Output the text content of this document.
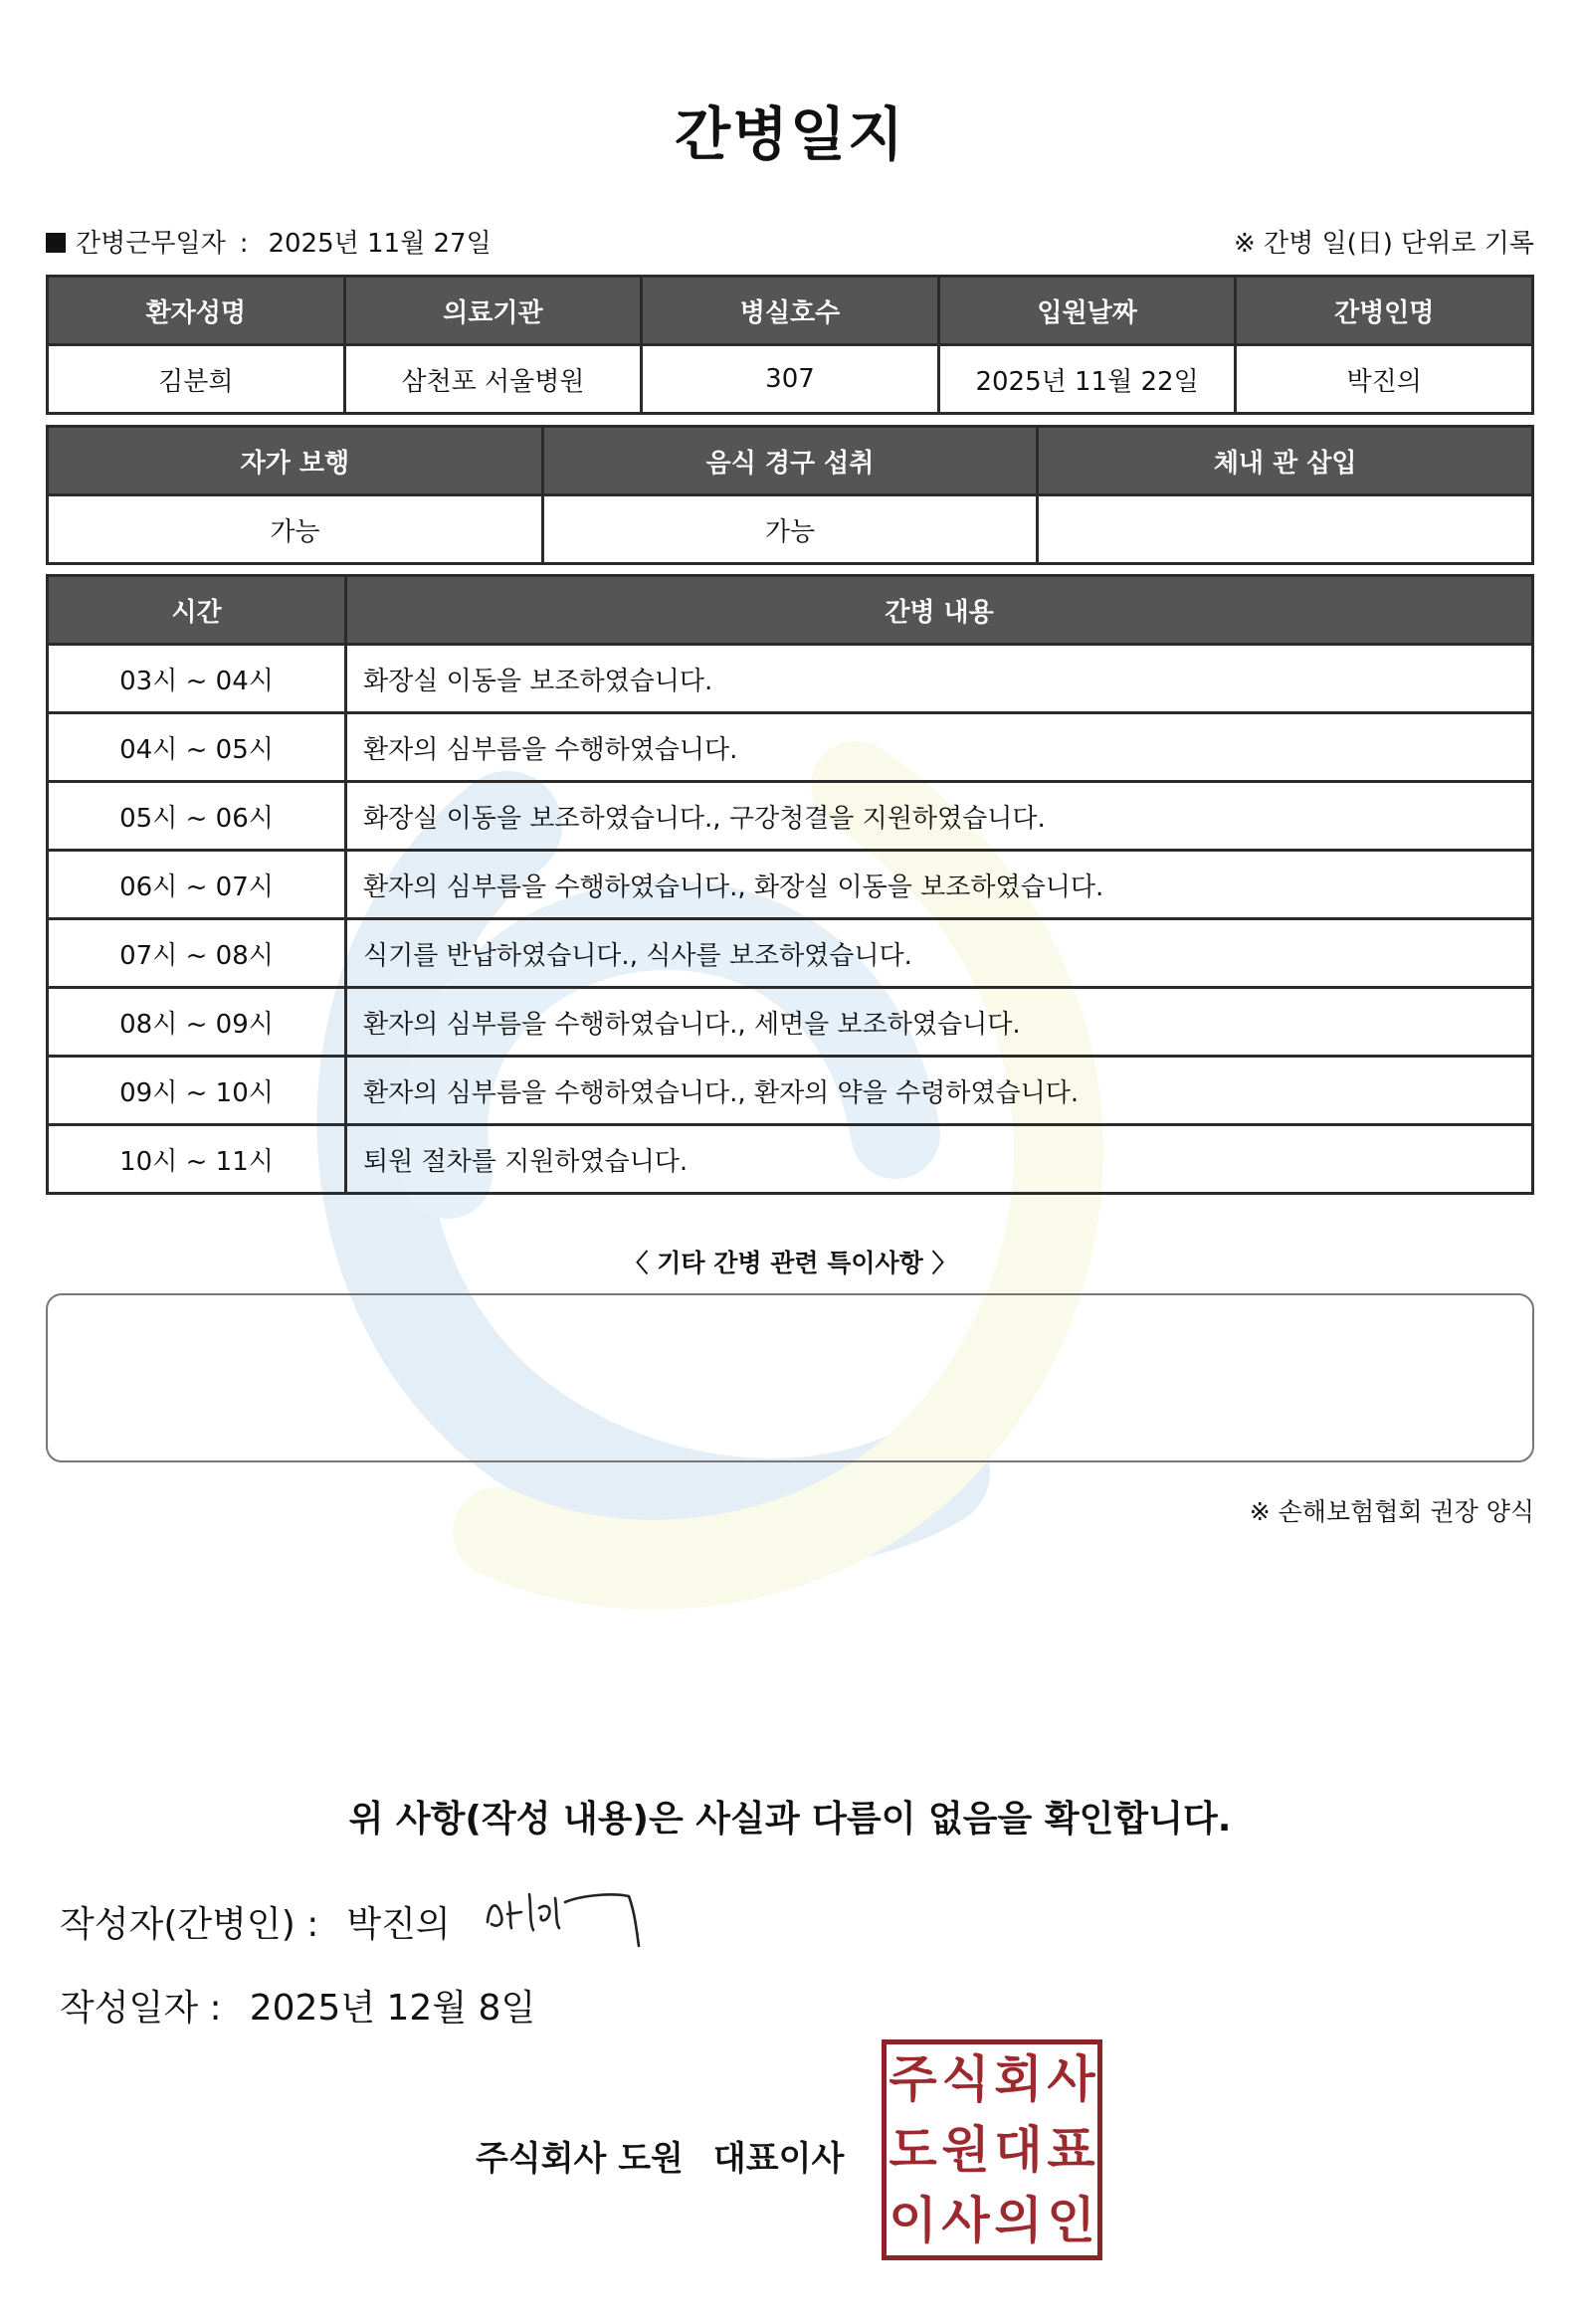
간병일지
간병근무일자 : 2025년 11월 27일	※ 간병 일(日) 단위로 기록
환자성명	의료기관	병실호수	입원날짜	간병인명
김분희	삼천포 서울병원	307	2025년 11월 22일	박진의
자가 보행	음식 경구 섭취	체내 관 삽입
가능	가능	
시간	간병 내용
03시 ~ 04시	화장실 이동을 보조하였습니다.
04시 ~ 05시	환자의 심부름을 수행하였습니다.
05시 ~ 06시	화장실 이동을 보조하였습니다., 구강청결을 지원하였습니다.
06시 ~ 07시	환자의 심부름을 수행하였습니다., 화장실 이동을 보조하였습니다.
07시 ~ 08시	식기를 반납하였습니다., 식사를 보조하였습니다.
08시 ~ 09시	환자의 심부름을 수행하였습니다., 세면을 보조하였습니다.
09시 ~ 10시	환자의 심부름을 수행하였습니다., 환자의 약을 수령하였습니다.
10시 ~ 11시	퇴원 절차를 지원하였습니다.
〈 기타 간병 관련 특이사항 〉
※ 손해보험협회 권장 양식
위 사항(작성 내용)은 사실과 다름이 없음을 확인합니다.
작성자(간병인) : 박진의
작성일자 : 2025년 12월 8일
주식회사 도원 대표이사
주 식 회 사
도 원 대 표
이 사 의 인
